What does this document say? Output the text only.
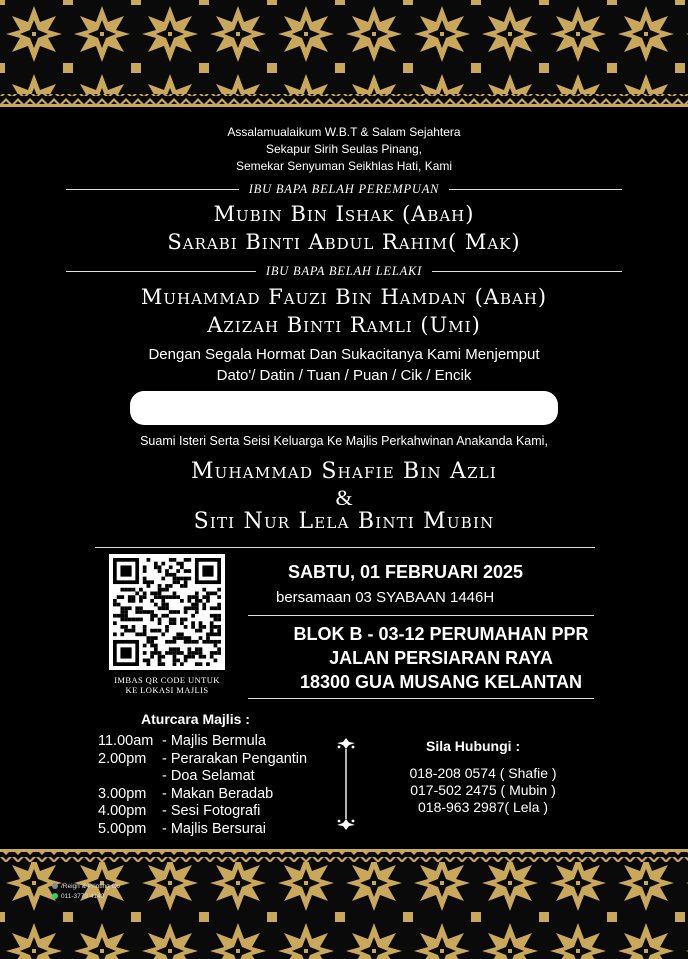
Assalamualaikum W.B.T & Salam Sejahtera
Sekapur Sirih Seulas Pinang,
Semekar Senyuman Seikhlas Hati, Kami
IBU BAPA BELAH PEREMPUAN
Mubin Bin Ishak (Abah)
Sarabi Binti Abdul Rahim( Mak)
IBU BAPA BELAH LELAKI
Muhammad Fauzi Bin Hamdan (Abah)
Azizah Binti Ramli (Umi)
Dengan Segala Hormat Dan Sukacitanya Kami Menjemput
Dato'/ Datin / Tuan / Puan / Cik / Encik
Suami Isteri Serta Seisi Keluarga Ke Majlis Perkahwinan Anakanda Kami,
Muhammad Shafie Bin Azli
&
Siti Nur Lela Binti Mubin
IMBAS QR CODE UNTUK
KE LOKASI MAJLIS
SABTU, 01 FEBRUARI 2025
bersamaan 03 SYABAAN 1446H
BLOK B - 03-12 PERUMAHAN PPR
JALAN PERSIARAN RAYA
18300 GUA MUSANG KELANTAN
Aturcara Majlis :
11.00am - Majlis Bermula
2.00pm	- Perarakan Pengantin
- Doa Selamat
3.00pm	- Makan Beradab
4.00pm	- Sesi Fotografi
5.00pm	- Majlis Bersurai
Sila Hubungi :
018-208 0574 ( Shafie )
017-502 2475 ( Mubin )
018-963 2987( Lela )
/Reign & Printing Co
011-3770 4140
